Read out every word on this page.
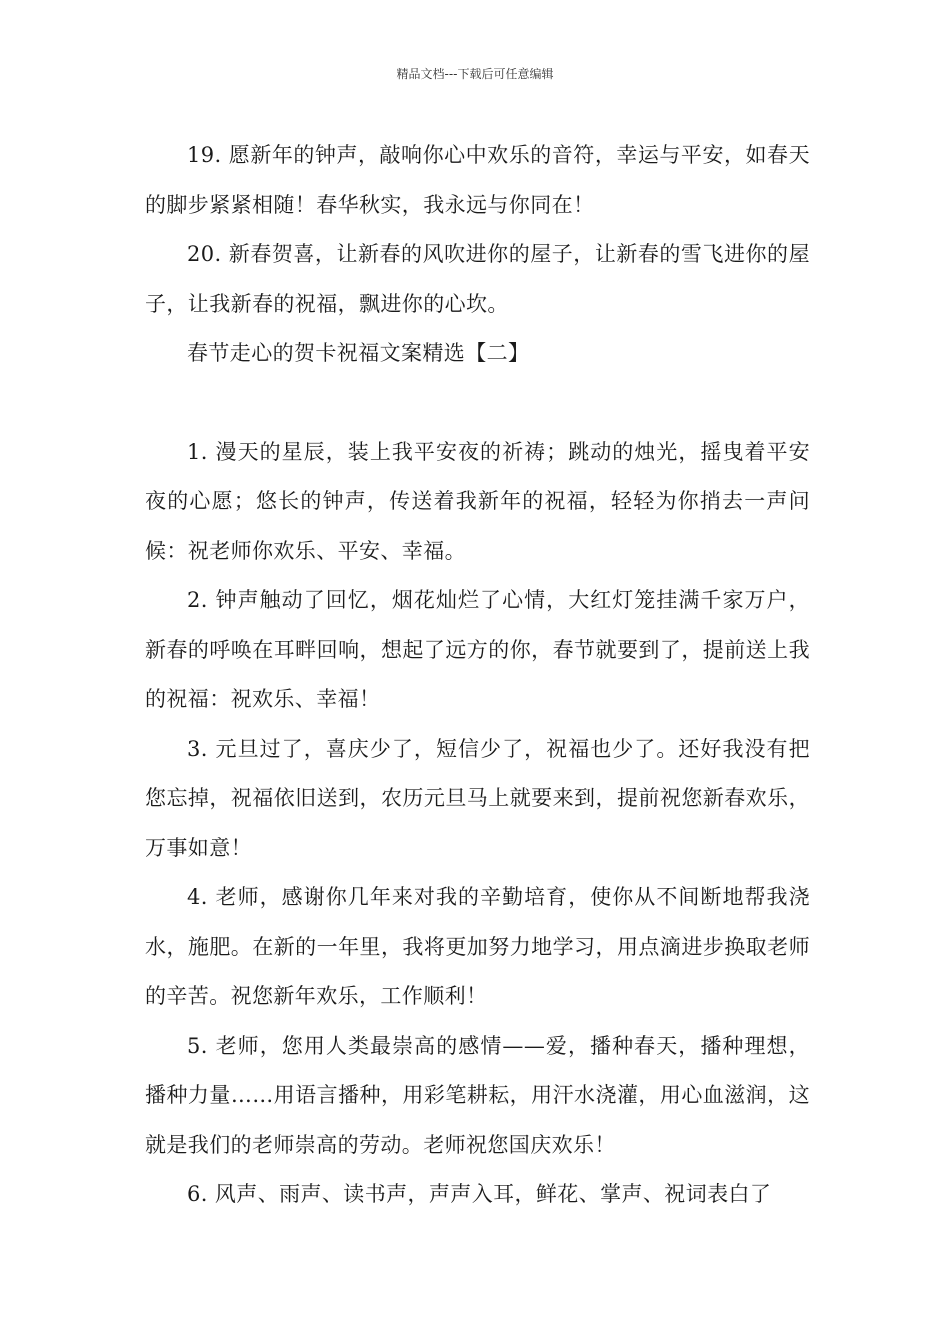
精品文档---下载后可任意编辑

19. 愿新年的钟声，敲响你心中欢乐的音符，幸运与平安，如春天的脚步紧紧相随！春华秋实，我永远与你同在！

20. 新春贺喜，让新春的风吹进你的屋子，让新春的雪飞进你的屋子，让我新春的祝福，飘进你的心坎。

春节走心的贺卡祝福文案精选【二】

1. 漫天的星辰，装上我平安夜的祈祷；跳动的烛光，摇曳着平安夜的心愿；悠长的钟声，传送着我新年的祝福，轻轻为你捎去一声问候：祝老师你欢乐、平安、幸福。

2. 钟声触动了回忆，烟花灿烂了心情，大红灯笼挂满千家万户，新春的呼唤在耳畔回响，想起了远方的你，春节就要到了，提前送上我的祝福：祝欢乐、幸福！

3. 元旦过了，喜庆少了，短信少了，祝福也少了。还好我没有把您忘掉，祝福依旧送到，农历元旦马上就要来到，提前祝您新春欢乐，万事如意！

4. 老师，感谢你几年来对我的辛勤培育，使你从不间断地帮我浇水，施肥。在新的一年里，我将更加努力地学习，用点滴进步换取老师的辛苦。祝您新年欢乐，工作顺利！

5. 老师，您用人类最崇高的感情——爱，播种春天，播种理想，播种力量……用语言播种，用彩笔耕耘，用汗水浇灌，用心血滋润，这就是我们的老师崇高的劳动。老师祝您国庆欢乐！

6. 风声、雨声、读书声，声声入耳，鲜花、掌声、祝词表白了
